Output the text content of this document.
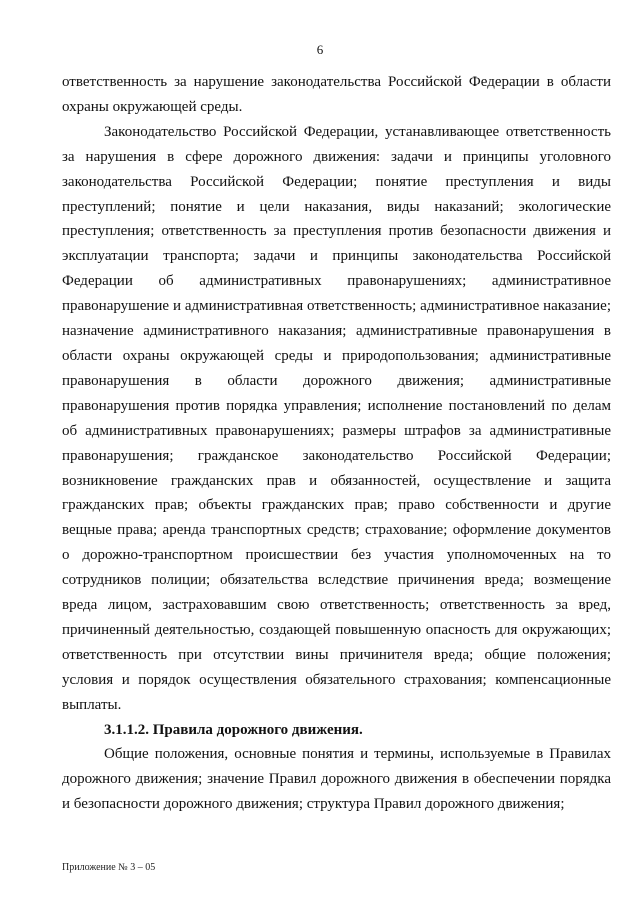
6

ответственность за нарушение законодательства Российской Федерации в области охраны окружающей среды.

Законодательство Российской Федерации, устанавливающее ответственность за нарушения в сфере дорожного движения: задачи и принципы уголовного законодательства Российской Федерации; понятие преступления и виды преступлений; понятие и цели наказания, виды наказаний; экологические преступления; ответственность за преступления против безопасности движения и эксплуатации транспорта; задачи и принципы законодательства Российской Федерации об административных правонарушениях; административное правонарушение и административная ответственность; административное наказание; назначение административного наказания; административные правонарушения в области охраны окружающей среды и природопользования; административные правонарушения в области дорожного движения; административные правонарушения против порядка управления; исполнение постановлений по делам об административных правонарушениях; размеры штрафов за административные правонарушения; гражданское законодательство Российской Федерации; возникновение гражданских прав и обязанностей, осуществление и защита гражданских прав; объекты гражданских прав; право собственности и другие вещные права; аренда транспортных средств; страхование; оформление документов о дорожно-транспортном происшествии без участия уполномоченных на то сотрудников полиции; обязательства вследствие причинения вреда; возмещение вреда лицом, застраховавшим свою ответственность; ответственность за вред, причиненный деятельностью, создающей повышенную опасность для окружающих; ответственность при отсутствии вины причинителя вреда; общие положения; условия и порядок осуществления обязательного страхования; компенсационные выплаты.

3.1.1.2. Правила дорожного движения.

Общие положения, основные понятия и термины, используемые в Правилах дорожного движения; значение Правил дорожного движения в обеспечении порядка и безопасности дорожного движения; структура Правил дорожного движения;

Приложение № 3 – 05
